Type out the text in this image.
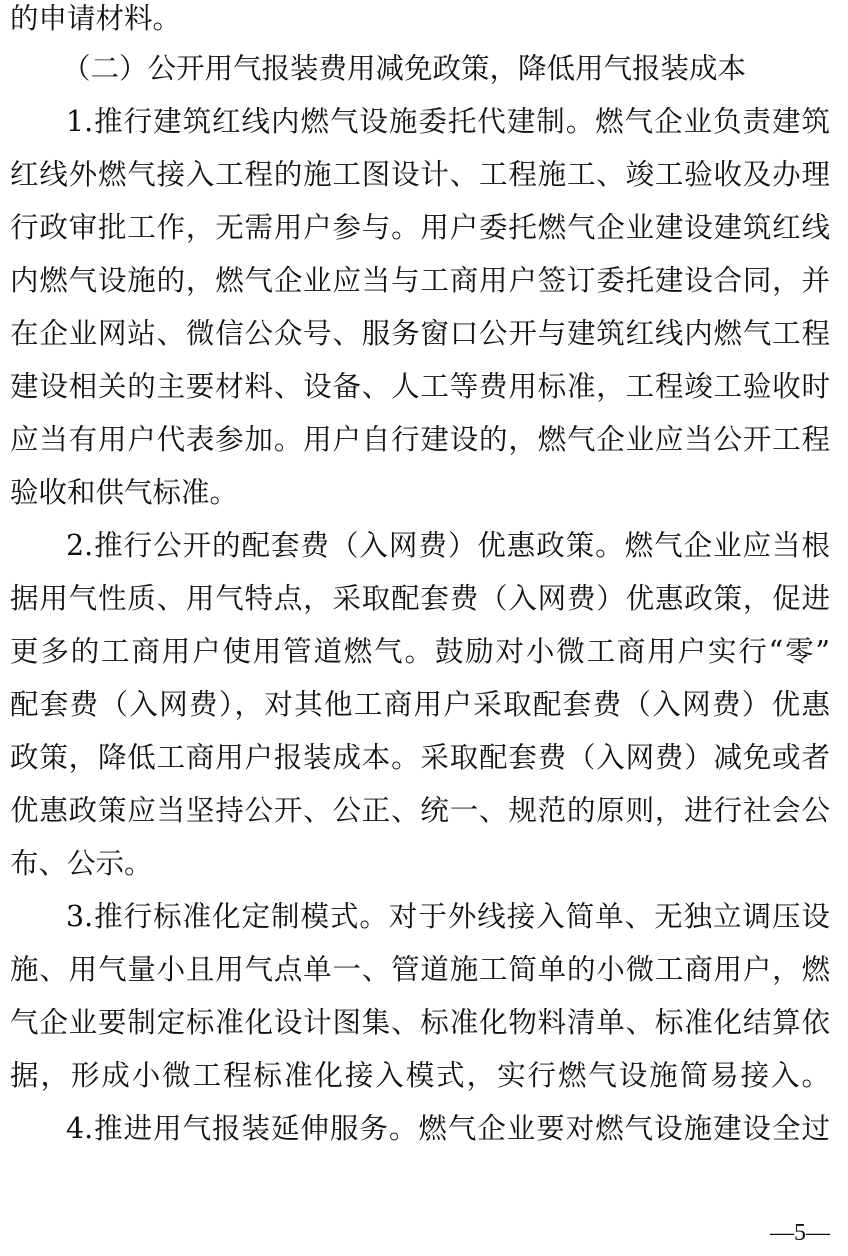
的申请材料。
（二）公开用气报装费用减免政策，降低用气报装成本
1.推行建筑红线内燃气设施委托代建制。燃气企业负责建筑
红线外燃气接入工程的施工图设计、工程施工、竣工验收及办理
行政审批工作，无需用户参与。用户委托燃气企业建设建筑红线
内燃气设施的，燃气企业应当与工商用户签订委托建设合同，并
在企业网站、微信公众号、服务窗口公开与建筑红线内燃气工程
建设相关的主要材料、设备、人工等费用标准，工程竣工验收时
应当有用户代表参加。用户自行建设的，燃气企业应当公开工程
验收和供气标准。
2.推行公开的配套费（入网费）优惠政策。燃气企业应当根
据用气性质、用气特点，采取配套费（入网费）优惠政策，促进
更多的工商用户使用管道燃气。鼓励对小微工商用户实行“零”
配套费（入网费），对其他工商用户采取配套费（入网费）优惠
政策，降低工商用户报装成本。采取配套费（入网费）减免或者
优惠政策应当坚持公开、公正、统一、规范的原则，进行社会公
布、公示。
3.推行标准化定制模式。对于外线接入简单、无独立调压设
施、用气量小且用气点单一、管道施工简单的小微工商用户，燃
气企业要制定标准化设计图集、标准化物料清单、标准化结算依
据，形成小微工程标准化接入模式，实行燃气设施简易接入。
4.推进用气报装延伸服务。燃气企业要对燃气设施建设全过
—5—
